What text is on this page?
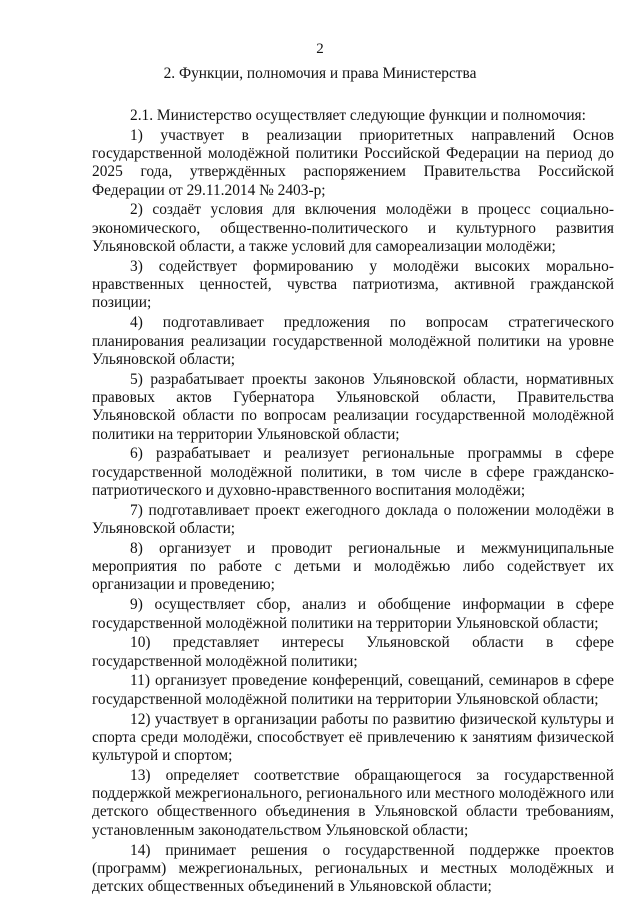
2
2. Функции, полномочия и права Министерства

2.1. Министерство осуществляет следующие функции и полномочия:

1) участвует в реализации приоритетных направлений Основ государственной молодёжной политики Российской Федерации на период до 2025 года, утверждённых распоряжением Правительства Российской Федерации от 29.11.2014 № 2403-р;

2) создаёт условия для включения молодёжи в процесс социально-экономического, общественно-политического и культурного развития Ульяновской области, а также условий для самореализации молодёжи;

3) содействует формированию у молодёжи высоких морально-нравственных ценностей, чувства патриотизма, активной гражданской позиции;

4) подготавливает предложения по вопросам стратегического планирования реализации государственной молодёжной политики на уровне Ульяновской области;

5) разрабатывает проекты законов Ульяновской области, нормативных правовых актов Губернатора Ульяновской области, Правительства Ульяновской области по вопросам реализации государственной молодёжной политики на территории Ульяновской области;

6) разрабатывает и реализует региональные программы в сфере государственной молодёжной политики, в том числе в сфере гражданско-патриотического и духовно-нравственного воспитания молодёжи;

7) подготавливает проект ежегодного доклада о положении молодёжи в Ульяновской области;

8) организует и проводит региональные и межмуниципальные мероприятия по работе с детьми и молодёжью либо содействует их организации и проведению;

9) осуществляет сбор, анализ и обобщение информации в сфере государственной молодёжной политики на территории Ульяновской области;

10) представляет интересы Ульяновской области в сфере государственной молодёжной политики;

11) организует проведение конференций, совещаний, семинаров в сфере государственной молодёжной политики на территории Ульяновской области;

12) участвует в организации работы по развитию физической культуры и спорта среди молодёжи, способствует её привлечению к занятиям физической культурой и спортом;

13) определяет соответствие обращающегося за государственной поддержкой межрегионального, регионального или местного молодёжного или детского общественного объединения в Ульяновской области требованиям, установленным законодательством Ульяновской области;

14) принимает решения о государственной поддержке проектов (программ) межрегиональных, региональных и местных молодёжных и детских общественных объединений в Ульяновской области;
